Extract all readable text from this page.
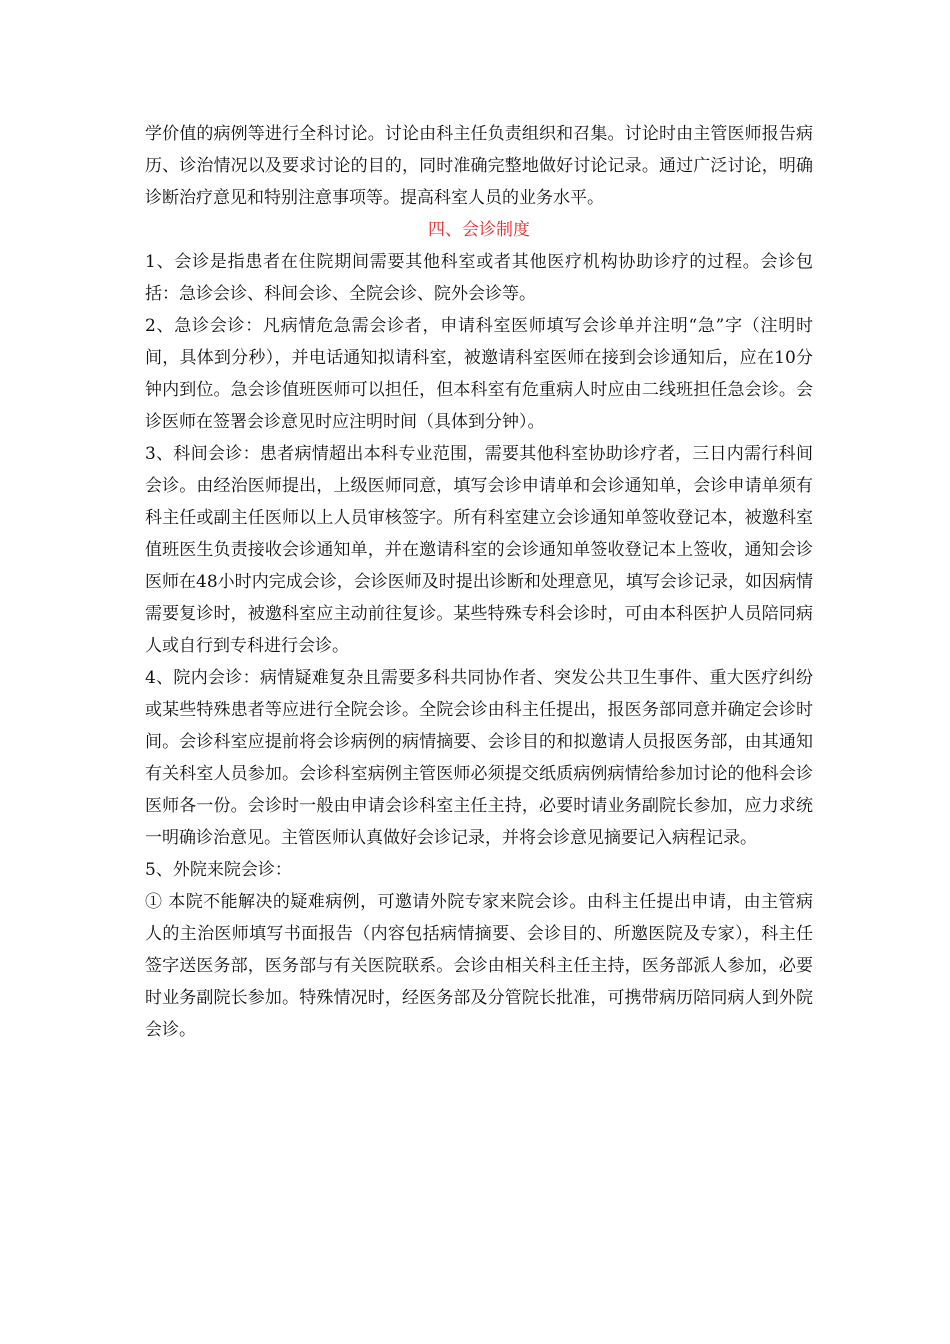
学价值的病例等进行全科讨论。讨论由科主任负责组织和召集。讨论时由主管医师报告病历、诊治情况以及要求讨论的目的，同时准确完整地做好讨论记录。通过广泛讨论，明确诊断治疗意见和特别注意事项等。提高科室人员的业务水平。

四、会诊制度

1、会诊是指患者在住院期间需要其他科室或者其他医疗机构协助诊疗的过程。会诊包括：急诊会诊、科间会诊、全院会诊、院外会诊等。

2、急诊会诊：凡病情危急需会诊者，申请科室医师填写会诊单并注明“急”字（注明时间，具体到分秒），并电话通知拟请科室，被邀请科室医师在接到会诊通知后，应在10分钟内到位。急会诊值班医师可以担任，但本科室有危重病人时应由二线班担任急会诊。会诊医师在签署会诊意见时应注明时间（具体到分钟）。

3、科间会诊：患者病情超出本科专业范围，需要其他科室协助诊疗者，三日内需行科间会诊。由经治医师提出，上级医师同意，填写会诊申请单和会诊通知单，会诊申请单须有科主任或副主任医师以上人员审核签字。所有科室建立会诊通知单签收登记本，被邀科室值班医生负责接收会诊通知单，并在邀请科室的会诊通知单签收登记本上签收，通知会诊医师在48小时内完成会诊，会诊医师及时提出诊断和处理意见，填写会诊记录，如因病情需要复诊时，被邀科室应主动前往复诊。某些特殊专科会诊时，可由本科医护人员陪同病人或自行到专科进行会诊。

4、院内会诊：病情疑难复杂且需要多科共同协作者、突发公共卫生事件、重大医疗纠纷或某些特殊患者等应进行全院会诊。全院会诊由科主任提出，报医务部同意并确定会诊时间。会诊科室应提前将会诊病例的病情摘要、会诊目的和拟邀请人员报医务部，由其通知有关科室人员参加。会诊科室病例主管医师必须提交纸质病例病情给参加讨论的他科会诊医师各一份。会诊时一般由申请会诊科室主任主持，必要时请业务副院长参加，应力求统一明确诊治意见。主管医师认真做好会诊记录，并将会诊意见摘要记入病程记录。

5、外院来院会诊：

① 本院不能解决的疑难病例，可邀请外院专家来院会诊。由科主任提出申请，由主管病人的主治医师填写书面报告（内容包括病情摘要、会诊目的、所邀医院及专家），科主任签字送医务部，医务部与有关医院联系。会诊由相关科主任主持，医务部派人参加，必要时业务副院长参加。特殊情况时，经医务部及分管院长批准，可携带病历陪同病人到外院会诊。
